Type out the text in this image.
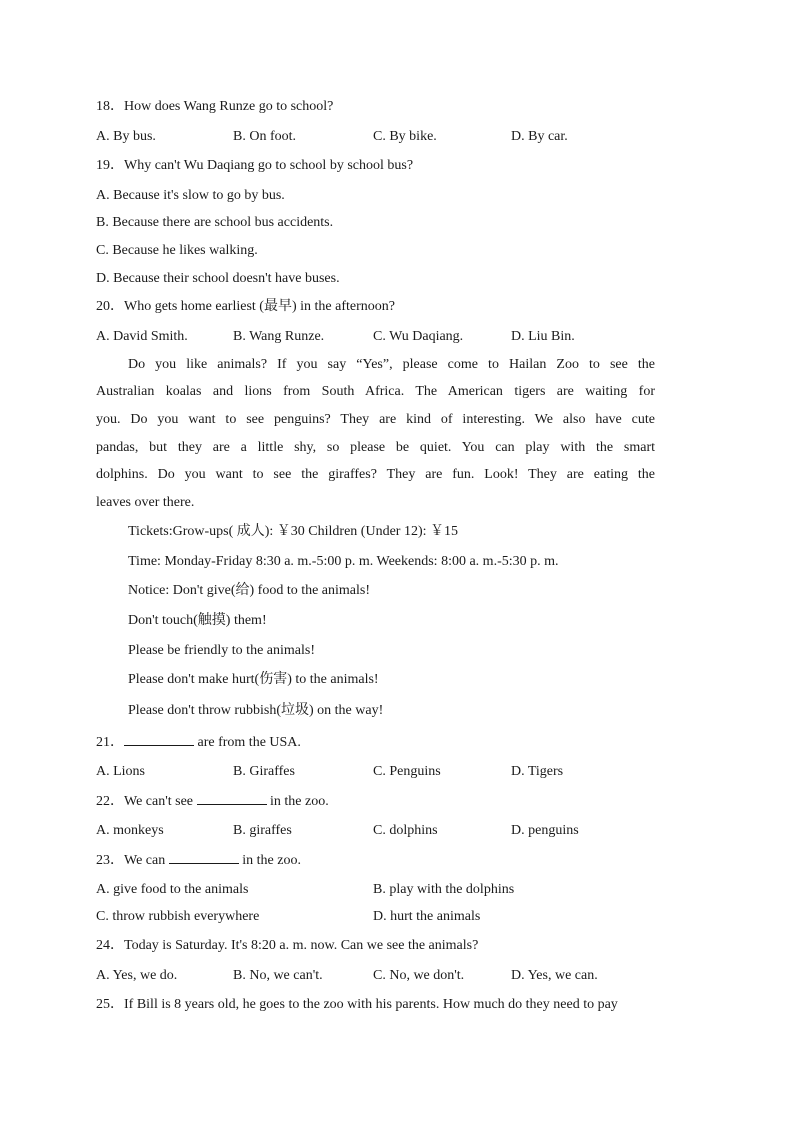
18．How does Wang Runze go to school?
A. By bus.	B. On foot.	C. By bike.	D. By car.
19．Why can't Wu Daqiang go to school by school bus?
A. Because it's slow to go by bus.
B. Because there are school bus accidents.
C. Because he likes walking.
D. Because their school doesn't have buses.
20．Who gets home earliest (最早) in the afternoon?
A. David Smith.	B. Wang Runze.	C. Wu Daqiang.	D. Liu Bin.
Do you like animals? If you say “Yes”, please come to Hailan Zoo to see the
Australian koalas and lions from South Africa. The American tigers are waiting for
you. Do you want to see penguins? They are kind of interesting. We also have cute
pandas, but they are a little shy, so please be quiet. You can play with the smart
dolphins. Do you want to see the giraffes? They are fun. Look! They are eating the
leaves over there.
Tickets:Grow-ups( 成人): ￥30 Children (Under 12): ￥15
Time: Monday-Friday 8:30 a. m.-5:00 p. m. Weekends: 8:00 a. m.-5:30 p. m.
Notice: Don't give(给) food to the animals!
Don't touch(触摸) them!
Please be friendly to the animals!
Please don't make hurt(伤害) to the animals!
Please don't throw rubbish(垃圾) on the way!
21．	are from the USA.
A. Lions	B. Giraffes	C. Penguins	D. Tigers
22．We can't see	in the zoo.
A. monkeys	B. giraffes	C. dolphins	D. penguins
23．We can	in the zoo.
A. give food to the animals	B. play with the dolphins
C. throw rubbish everywhere	D. hurt the animals
24．Today is Saturday. It's 8:20 a. m. now. Can we see the animals?
A. Yes, we do.	B. No, we can't.	C. No, we don't.	D. Yes, we can.
25．If Bill is 8 years old, he goes to the zoo with his parents. How much do they need to pay
